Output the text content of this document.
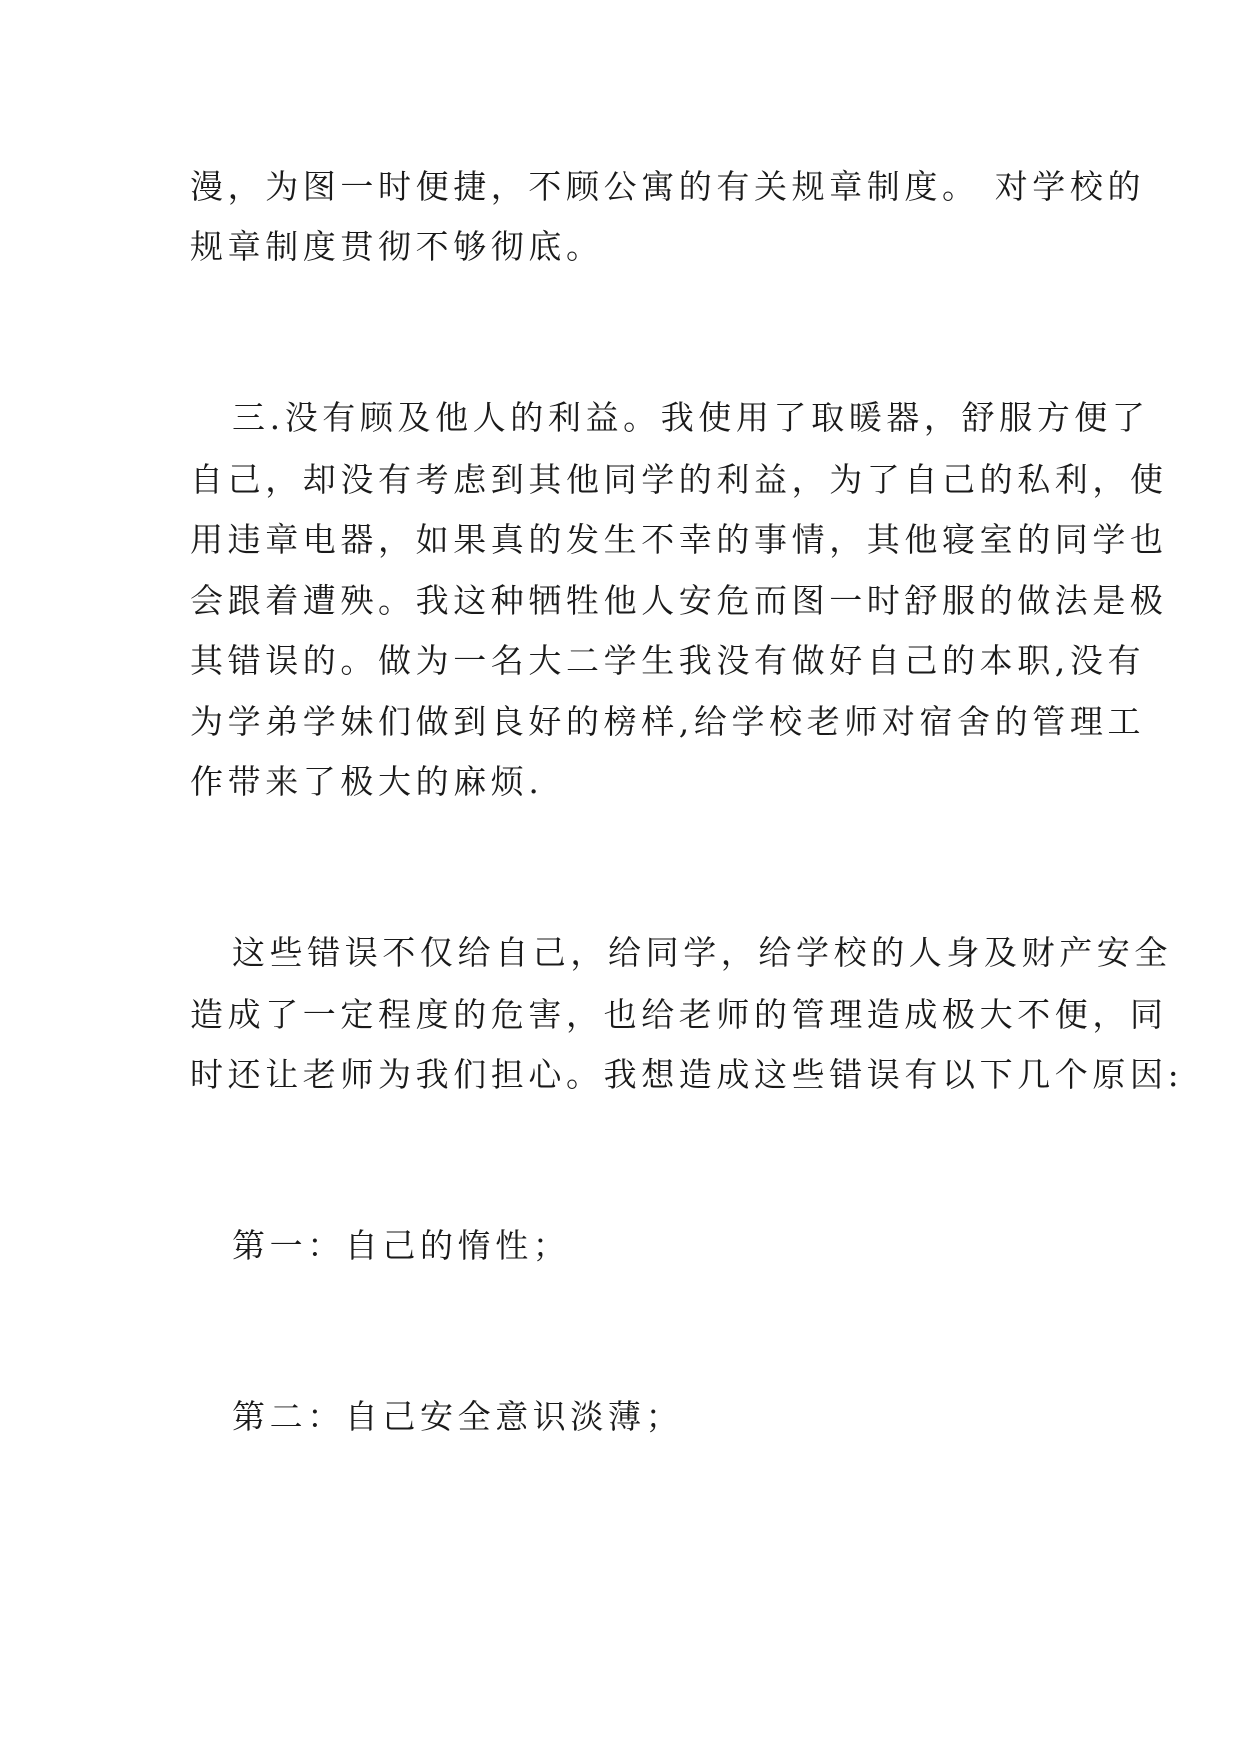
漫，为图一时便捷，不顾公寓的有关规章制度。 对学校的
规章制度贯彻不够彻底。
三.没有顾及他人的利益。我使用了取暖器，舒服方便了
自己，却没有考虑到其他同学的利益，为了自己的私利，使
用违章电器，如果真的发生不幸的事情，其他寝室的同学也
会跟着遭殃。我这种牺牲他人安危而图一时舒服的做法是极
其错误的。做为一名大二学生我没有做好自己的本职,没有
为学弟学妹们做到良好的榜样,给学校老师对宿舍的管理工
作带来了极大的麻烦.
这些错误不仅给自己，给同学，给学校的人身及财产安全
造成了一定程度的危害，也给老师的管理造成极大不便，同
时还让老师为我们担心。我想造成这些错误有以下几个原因:
第一：自己的惰性；
第二：自己安全意识淡薄；
